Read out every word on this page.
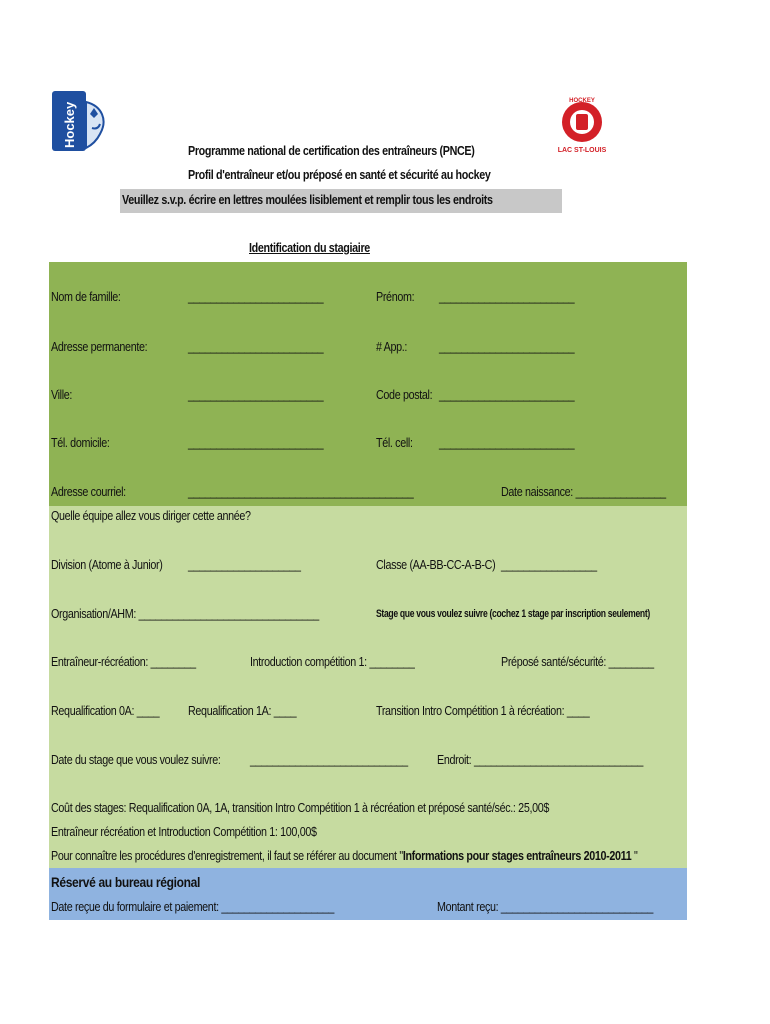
Hockey
HOCKEY
LAC ST-LOUIS
Programme national de certification des entraîneurs (PNCE)
Profil d'entraîneur et/ou préposé en santé et sécurité au hockey
Veuillez s.v.p. écrire en lettres moulées lisiblement et remplir tous les endroits
Identification du stagiaire
Nom de famille:	________________________	Prénom: ________________________
Adresse permanente:	________________________	# App.:	________________________
Ville:	________________________	Code postal: ________________________
Tél. domicile:	________________________	Tél. cell: ________________________
Adresse courriel:	________________________________________	Date naissance: ________________
Quelle équipe allez vous diriger cette année?
Division (Atome à Junior) ____________________	Classe (AA-BB-CC-A-B-C) _________________
Organisation/AHM: ________________________________	Stage que vous voulez suivre (cochez 1 stage par inscription seulement)
Entraîneur-récréation: ________	Introduction compétition 1: ________	Préposé santé/sécurité: ________
Requalification 0A: ____ Requalification 1A: ____	Transition Intro Compétition 1 à récréation: ____
Date du stage que vous voulez suivre: ____________________________ Endroit: ______________________________
Coût des stages: Requalification 0A, 1A, transition Intro Compétition 1 à récréation et préposé santé/séc.: 25,00$
Entraîneur récréation et Introduction Compétition 1: 100,00$
Pour connaître les procédures d'enregistrement, il faut se référer au document "Informations pour stages entraîneurs 2010-2011 "
Réservé au bureau régional
Date reçue du formulaire et paiement: ____________________	Montant reçu: ___________________________
